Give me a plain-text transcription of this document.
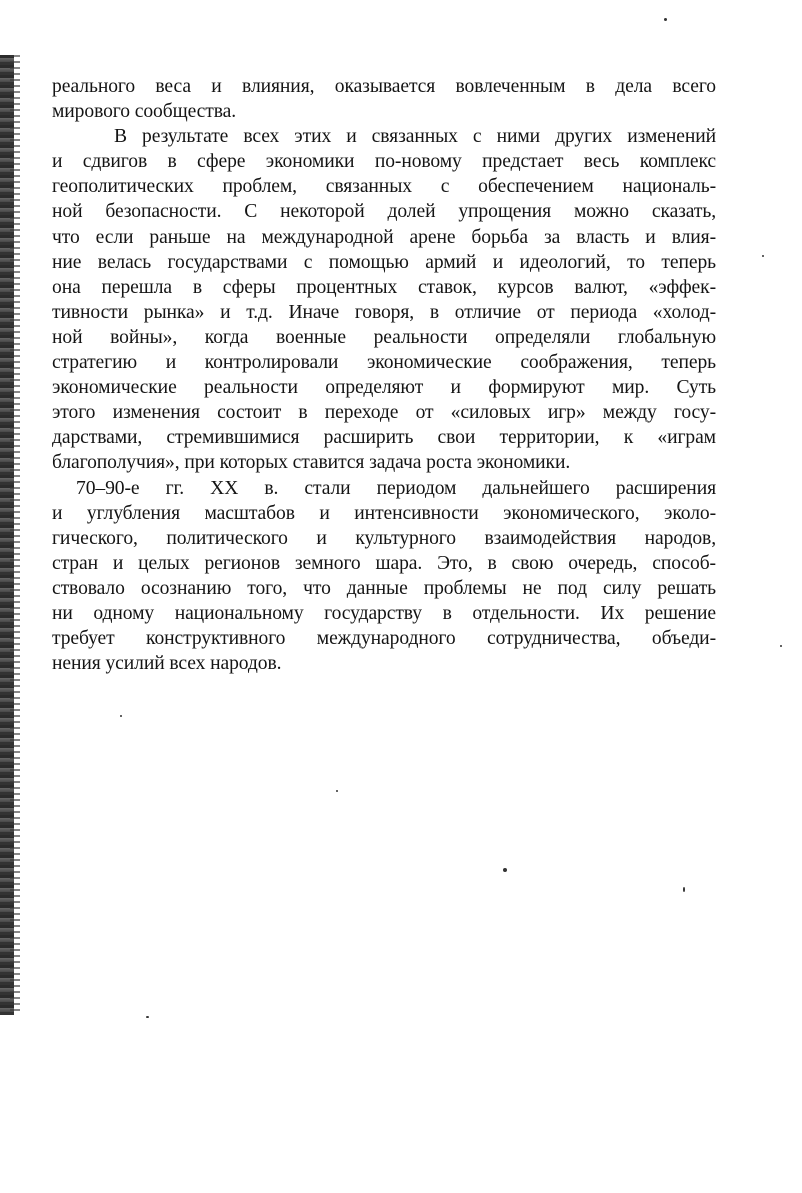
реального веса и влияния, оказывается вовлеченным в дела всего
мирового сообщества.
В результате всех этих и связанных с ними других изменений
и сдвигов в сфере экономики по-новому предстает весь комплекс
геополитических проблем, связанных с обеспечением националь-
ной безопасности. С некоторой долей упрощения можно сказать,
что если раньше на международной арене борьба за власть и влия-
ние велась государствами с помощью армий и идеологий, то теперь
она перешла в сферы процентных ставок, курсов валют, «эффек-
тивности рынка» и т.д. Иначе говоря, в отличие от периода «холод-
ной войны», когда военные реальности определяли глобальную
стратегию и контролировали экономические соображения, теперь
экономические реальности определяют и формируют мир. Суть
этого изменения состоит в переходе от «силовых игр» между госу-
дарствами, стремившимися расширить свои территории, к «играм
благополучия», при которых ставится задача роста экономики.
70–90-е гг. XX в. стали периодом дальнейшего расширения
и углубления масштабов и интенсивности экономического, эколо-
гического, политического и культурного взаимодействия народов,
стран и целых регионов земного шара. Это, в свою очередь, способ-
ствовало осознанию того, что данные проблемы не под силу решать
ни одному национальному государству в отдельности. Их решение
требует конструктивного международного сотрудничества, объеди-
нения усилий всех народов.
